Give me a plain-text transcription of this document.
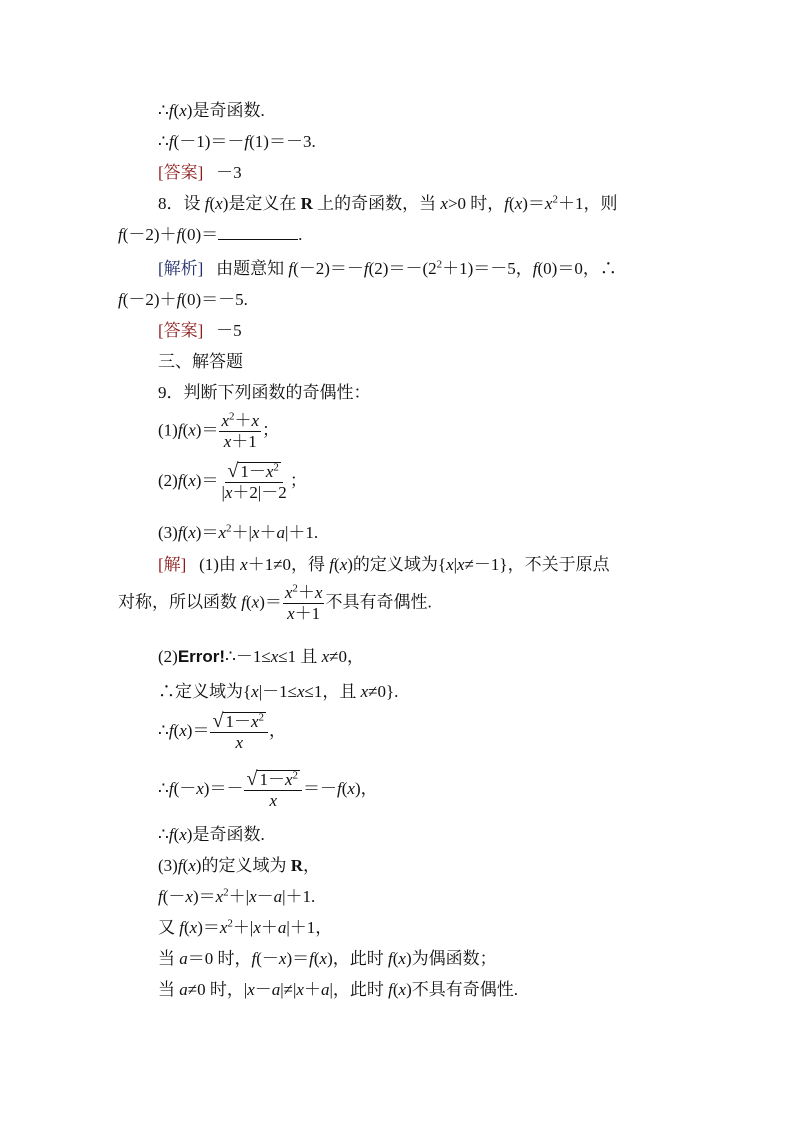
∴f(x)是奇函数.
∴f(－1)＝－f(1)＝－3.
[答案] －3
8．设 f(x)是定义在 R 上的奇函数，当 x>0 时，$f(x)=x^2+1$，则
f(－2)＋f(0)＝	.
[解析] 由题意知 $f(-2)=-f(2)=-(2^2+1)=-5$，f(0)＝0，∴
f(－2)＋f(0)＝－5.
[答案] －5
三、解答题
9．判断下列函数的奇偶性：
$(1)f(x)= \frac{x^2+x}{x+1}$ ；
$(2)f(x)= \frac{√ 1-x^2}{|x+2|-2}$ ；
$(3)f(x)=x^2+|x+a|+1$.
[解] (1)由 x＋1≠0，得 f(x)的定义域为{x|x≠－1}，不关于原点
对称，所以函数 $f(x)= \frac{x^2+x}{x+1}$ 不具有奇偶性.
(2)Error!∴－1≤x≤1 且 x≠0，
∴定义域为{x|－1≤x≤1，且 x≠0}.
∴f(x)＝ $\frac{√ 1-x^2}{x}$ ，
∴f(－x)＝－ $\frac{√ 1-x^2}{x} =-f(x)$，
∴f(x)是奇函数.
(3)f(x)的定义域为 R，
$f(-x)=x^2+|x-a|+1$.
又 $f(x)=x^2+|x+a|+1$，
当 a＝0 时，f(－x)＝f(x)，此时 f(x)为偶函数；
当 a≠0 时，|x－a|≠|x＋a|，此时 f(x)不具有奇偶性.
